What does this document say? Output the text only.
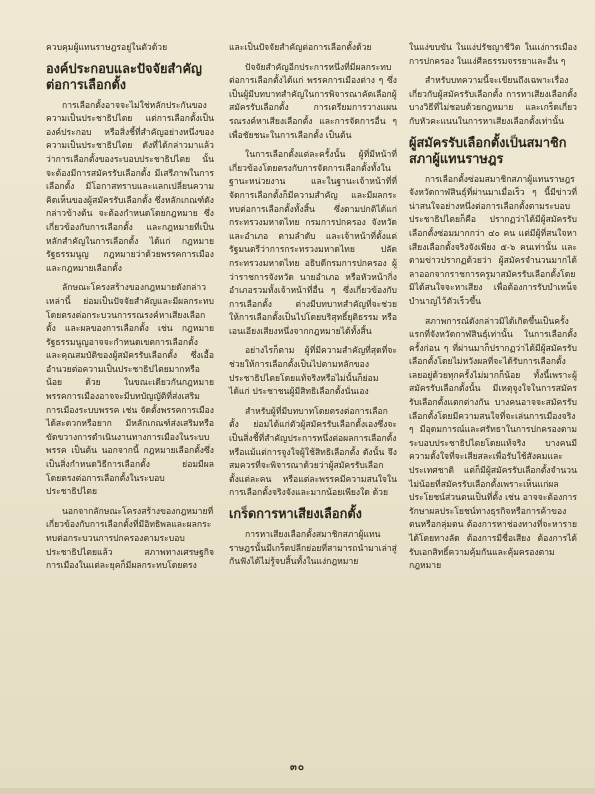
ควบคุมผู้แทนราษฎรอยู่ในตัวด้วย

องค์ประกอบและปัจจัยสำคัญต่อการเลือกตั้ง

การเลือกตั้งอาจจะไม่ใช่หลักประกันของความเป็นประชาธิปไตย แต่การเลือกตั้งเป็นองค์ประกอบ หรือสิ่งชี้ที่สำคัญอย่างหนึ่งของความเป็นประชาธิปไตย ดังที่ได้กล่าวมาแล้วว่าการเลือกตั้งของระบอบประชาธิปไตย นั้น จะต้องมีการสมัครรับเลือกตั้ง มีเสรีภาพในการเลือกตั้ง มีโอกาสทราบและแลกเปลี่ยนความคิดเห็นของผู้สมัครรับเลือกตั้ง ซึ่งหลักเกณฑ์ดังกล่าวข้างต้น จะต้องกำหนดโดยกฎหมาย ซึ่งเกี่ยวข้องกับการเลือกตั้ง และกฎหมายที่เป็นหลักสำคัญในการเลือกตั้ง ได้แก่ กฎหมายรัฐธรรมนูญ กฎหมายว่าด้วยพรรคการเมือง และกฎหมายเลือกตั้ง

ลักษณะโครงสร้างของกฎหมายดังกล่าวเหล่านี้ ย่อมเป็นปัจจัยสำคัญและมีผลกระทบโดยตรงต่อกระบวนการรณรงค์หาเสียงเลือกตั้ง และผลของการเลือกตั้ง เช่น กฎหมายรัฐธรรมนูญอาจจะกำหนดเขตการเลือกตั้ง และคุณสมบัติของผู้สมัครรับเลือกตั้ง ซึ่งเอื้ออำนวยต่อความเป็นประชาธิปไตยมากหรือน้อย ด้วย ในขณะเดียวกันกฎหมายพรรคการเมืองอาจจะมีบทบัญญัติที่ส่งเสริมการเมืองระบบพรรค เช่น จัดตั้งพรรคการเมืองได้สะดวกหรือยาก มีหลักเกณฑ์ส่งเสริมหรือขัดขวางการดำเนินงานทางการเมืองในระบบพรรค เป็นต้น นอกจากนี้ กฎหมายเลือกตั้งซึ่งเป็นสิ่งกำหนดวิธีการเลือกตั้ง ย่อมมีผลโดยตรงต่อการเลือกตั้งในระบอบประชาธิปไตย

นอกจากลักษณะโครงสร้างของกฎหมายที่เกี่ยวข้องกับการเลือกตั้งที่มีอิทธิพลและผลกระทบต่อกระบวนการปกครองตามระบอบประชาธิปไตยแล้ว สภาพทางเศรษฐกิจ การเมืองในแต่ละยุคก็มีผลกระทบโดยตรง

และเป็นปัจจัยสำคัญต่อการเลือกตั้งด้วย

ปัจจัยสำคัญอีกประการหนึ่งที่มีผลกระทบต่อการเลือกตั้งได้แก่ พรรคการเมืองต่าง ๆ ซึ่งเป็นผู้มีบทบาทสำคัญในการพิจารณาคัดเลือกผู้สมัครรับเลือกตั้ง การเตรียมการวางแผนรณรงค์หาเสียงเลือกตั้ง และการจัดการอื่น ๆ เพื่อชัยชนะในการเลือกตั้ง เป็นต้น

ในการเลือกตั้งแต่ละครั้งนั้น ผู้ที่มีหน้าที่เกี่ยวข้องโดยตรงกับการจัดการเลือกตั้งทั้งในฐานะหน่วยงาน และในฐานะเจ้าหน้าที่ที่จัดการเลือกตั้งก็มีความสำคัญ และมีผลกระทบต่อการเลือกตั้งทั้งสิ้น ซึ่งตามปกติได้แก่ กระทรวงมหาดไทย กรมการปกครอง จังหวัดและอำเภอ ตามลำดับ และเจ้าหน้าที่ตั้งแต่รัฐมนตรีว่าการกระทรวงมหาดไทย ปลัดกระทรวงมหาดไทย อธิบดีกรมการปกครอง ผู้ว่าราชการจังหวัด นายอำเภอ หรือหัวหน้ากิ่งอำเภอรวมทั้งเจ้าหน้าที่อื่น ๆ ซึ่งเกี่ยวข้องกับการเลือกตั้ง ต่างมีบทบาทสำคัญที่จะช่วยให้การเลือกตั้งเป็นไปโดยบริสุทธิ์ยุติธรรม หรือเอนเอียงเสียงหนึ่งจากกฎหมายได้ทั้งสิ้น

อย่างไรก็ตาม ผู้ที่มีความสำคัญที่สุดที่จะช่วยให้การเลือกตั้งเป็นไปตามหลักของประชาธิปไตยโดยแท้จริงหรือไม่นั้นก็ย่อมได้แก่ ประชาชนผู้มีสิทธิเลือกตั้งนั่นเอง

สำหรับผู้ที่มีบทบาทโดยตรงต่อการเลือกตั้ง ย่อมได้แก่ตัวผู้สมัครรับเลือกตั้งเองซึ่งจะเป็นสิ่งชี้ที่สำคัญประการหนึ่งต่อผลการเลือกตั้ง หรือแม้แต่การจูงใจผู้ใช้สิทธิเลือกตั้ง ดังนั้น จึงสมควรที่จะพิจารณาด้วยว่าผู้สมัครรับเลือกตั้งแต่ละคน หรือแต่ละพรรคมีความสนใจในการเลือกตั้งจริงจังและมากน้อยเพียงใด ด้วย

เกร็ดการหาเสียงเลือกตั้ง

การหาเสียงเลือกตั้งสมาชิกสภาผู้แทนราษฎรนั้นมีเกร็ดปลีกย่อยที่สามารถนำมาเล่าสู่กันฟังได้ไม่รู้จบสิ้นทั้งในแง่กฎหมาย

ในแง่ขบขัน ในแง่ปรัชญาชีวิต ในแง่การเมืองการปกครอง ในแง่ศีลธรรมจรรยาและอื่น ๆ

สำหรับบทความนี้จะเขียนถึงเฉพาะเรื่องเกี่ยวกับผู้สมัครรับเลือกตั้ง การหาเสียงเลือกตั้งบางวิธีที่ไม่ชอบด้วยกฎหมาย และเกร็ดเกี่ยวกับหัวคะแนนในการหาเสียงเลือกตั้งเท่านั้น

ผู้สมัครรับเลือกตั้งเป็นสมาชิกสภาผู้แทนราษฎร

การเลือกตั้งซ่อมสมาชิกสภาผู้แทนราษฎรจังหวัดกาฬสินธุ์ที่ผ่านมาเมื่อเร็ว ๆ นี้มีข่าวที่น่าสนใจอย่างหนึ่งต่อการเลือกตั้งตามระบอบประชาธิปไตยก็คือ ปรากฏว่าได้มีผู้สมัครรับเลือกตั้งซ่อมมากกว่า ๔๐ คน แต่มีผู้ที่สนใจหาเสียงเลือกตั้งจริงจังเพียง ๕-๖ คนเท่านั้น และตามข่าวปรากฏด้วยว่า ผู้สมัครจำนวนมากได้ลาออกจากราชการครูมาสมัครรับเลือกตั้งโดยมิได้สนใจจะหาเสียง เพื่อต้องการรับบำเหน็จบำนาญไว้ตัวเร็วขึ้น

สภาพการณ์ดังกล่าวมิได้เกิดขึ้นเป็นครั้งแรกที่จังหวัดกาฬสินธุ์เท่านั้น ในการเลือกตั้งครั้งก่อน ๆ ที่ผ่านมาก็ปรากฏว่าได้มีผู้สมัครรับเลือกตั้งโดยไม่หวังผลที่จะได้รับการเลือกตั้งเลยอยู่ด้วยทุกครั้งไม่มากก็น้อย ทั้งนี้เพราะผู้สมัครรับเลือกตั้งนั้น มีเหตุจูงใจในการสมัครรับเลือกตั้งแตกต่างกัน บางคนอาจจะสมัครรับเลือกตั้งโดยมีความสนใจที่จะเล่นการเมืองจริง ๆ มีอุดมการณ์และศรัทธาในการปกครองตามระบอบประชาธิปไตยโดยแท้จริง บางคนมีความตั้งใจที่จะเสียสละเพื่อรับใช้สังคมและประเทศชาติ แต่ก็มีผู้สมัครรับเลือกตั้งจำนวนไม่น้อยที่สมัครรับเลือกตั้งเพราะเห็นแก่ผลประโยชน์ส่วนตนเป็นที่ตั้ง เช่น อาจจะต้องการรักษาผลประโยชน์ทางธุรกิจหรือการค้าของตนหรือกลุ่มตน ต้องการหาช่องทางที่จะหารายได้โดยทางลัด ต้องการมีชื่อเสียง ต้องการได้รับเอกสิทธิ์ความคุ้มกันและคุ้มครองตามกฎหมาย

๓๐
